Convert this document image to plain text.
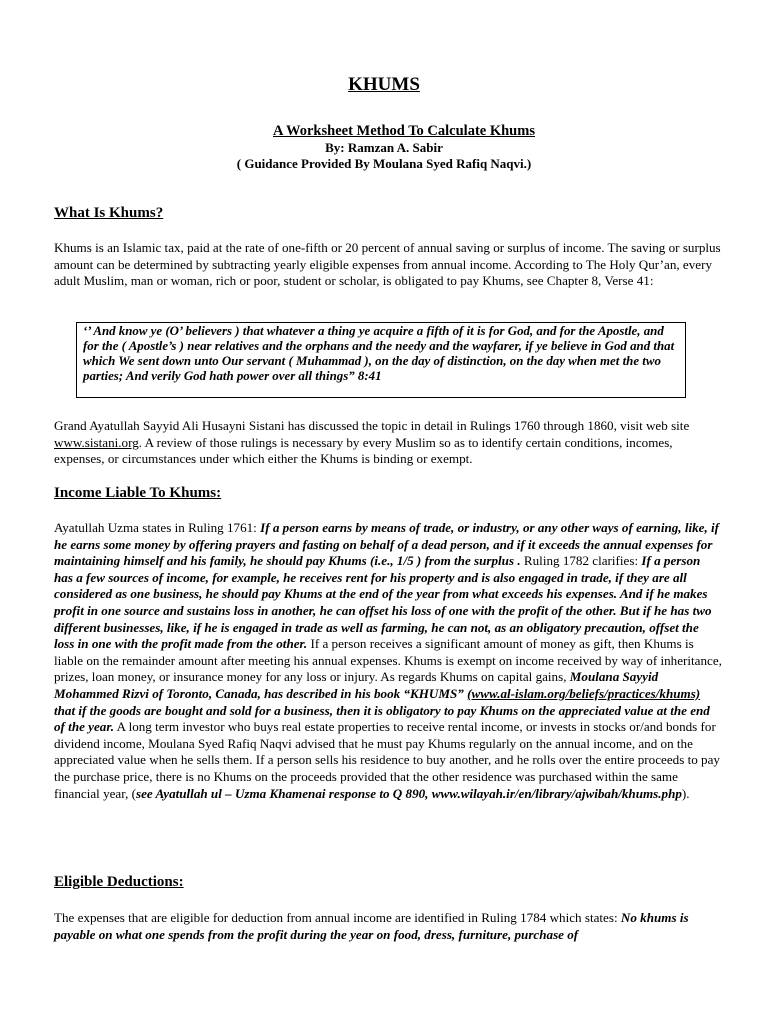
KHUMS
A Worksheet Method To Calculate Khums
By: Ramzan A. Sabir
( Guidance Provided By Moulana Syed Rafiq Naqvi.)
What Is Khums?
Khums is an Islamic tax, paid at the rate of one-fifth or 20 percent of annual saving or surplus of income. The saving or surplus amount can be determined by subtracting yearly eligible expenses from annual income. According to The Holy Qur’an, every adult Muslim, man or woman, rich or poor, student or scholar, is obligated to pay Khums, see Chapter 8, Verse 41:
‘’ And know ye (O’ believers ) that whatever a thing ye acquire a fifth of it is for God, and for the Apostle, and for the ( Apostle’s ) near relatives and the orphans and the needy and the wayfarer, if ye believe in God and that which We sent down unto Our servant ( Muhammad ), on the day of distinction, on the day when met the two parties; And verily God hath power over all things” 8:41
Grand Ayatullah Sayyid Ali Husayni Sistani has discussed the topic in detail in Rulings 1760 through 1860, visit web site www.sistani.org. A review of those rulings is necessary by every Muslim so as to identify certain conditions, incomes, expenses, or circumstances under which either the Khums is binding or exempt.
Income Liable To Khums:
Ayatullah Uzma states in Ruling 1761: If a person earns by means of trade, or industry, or any other ways of earning, like, if he earns some money by offering prayers and fasting on behalf of a dead person, and if it exceeds the annual expenses for maintaining himself and his family, he should pay Khums (i.e., 1/5 ) from the surplus . Ruling 1782 clarifies: If a person has a few sources of income, for example, he receives rent for his property and is also engaged in trade, if they are all considered as one business, he should pay Khums at the end of the year from what exceeds his expenses. And if he makes profit in one source and sustains loss in another, he can offset his loss of one with the profit of the other. But if he has two different businesses, like, if he is engaged in trade as well as farming, he can not, as an obligatory precaution, offset the loss in one with the profit made from the other. If a person receives a significant amount of money as gift, then Khums is liable on the remainder amount after meeting his annual expenses. Khums is exempt on income received by way of inheritance, prizes, loan money, or insurance money for any loss or injury. As regards Khums on capital gains, Moulana Sayyid Mohammed Rizvi of Toronto, Canada, has described in his book “KHUMS” (www.al-islam.org/beliefs/practices/khums) that if the goods are bought and sold for a business, then it is obligatory to pay Khums on the appreciated value at the end of the year. A long term investor who buys real estate properties to receive rental income, or invests in stocks or/and bonds for dividend income, Moulana Syed Rafiq Naqvi advised that he must pay Khums regularly on the annual income, and on the appreciated value when he sells them. If a person sells his residence to buy another, and he rolls over the entire proceeds to pay the purchase price, there is no Khums on the proceeds provided that the other residence was purchased within the same financial year, (see Ayatullah ul – Uzma Khamenai response to Q 890, www.wilayah.ir/en/library/ajwibah/khums.php).
Eligible Deductions:
The expenses that are eligible for deduction from annual income are identified in Ruling 1784 which states: No khums is payable on what one spends from the profit during the year on food, dress, furniture, purchase of
